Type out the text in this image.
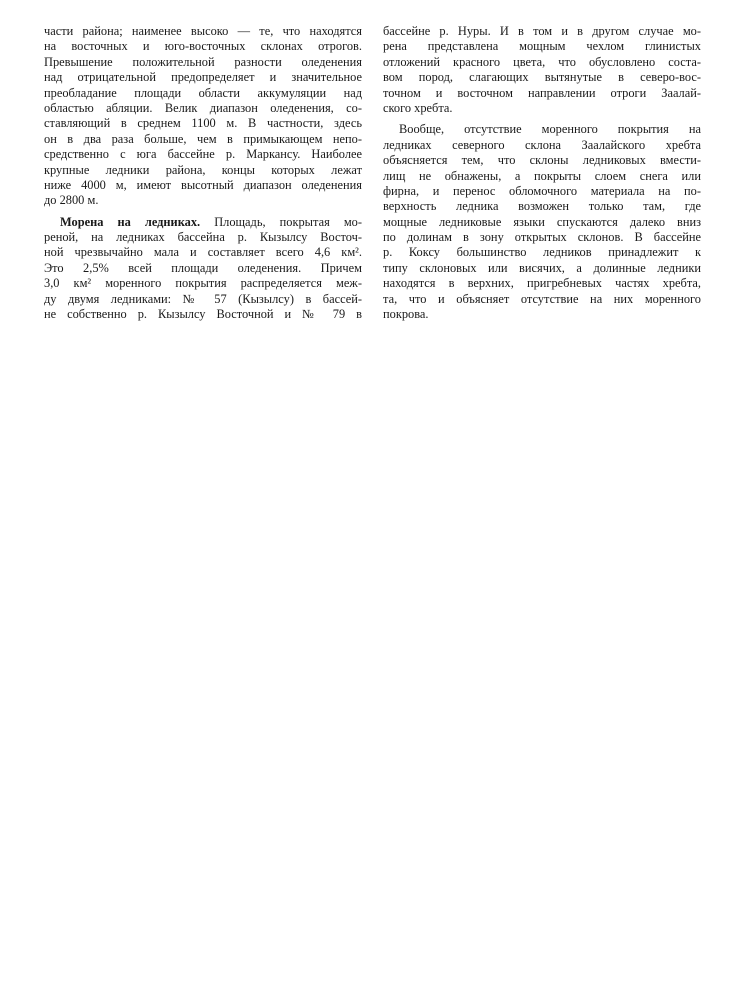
части района; наименее высоко — те, что находятся
на восточных и юго-восточных склонах отрогов.
Превышение положительной разности оледенения
над отрицательной предопределяет и значительное
преобладание площади области аккумуляции над
областью абляции. Велик диапазон оледенения, со-
ставляющий в среднем 1100 м. В частности, здесь
он в два раза больше, чем в примыкающем непо-
средственно с юга бассейне р. Маркансу. Наиболее
крупные ледники района, концы которых лежат
ниже 4000 м, имеют высотный диапазон оледенения
до 2800 м.
Морена на ледниках. Площадь, покрытая мо-
реной, на ледниках бассейна р. Кызылсу Восточ-
ной чрезвычайно мала и составляет всего 4,6 км².
Это 2,5% всей площади оледенения. Причем
3,0 км² моренного покрытия распределяется меж-
ду двумя ледниками: № 57 (Кызылсу) в бассей-
не собственно р. Кызылсу Восточной и № 79 в
бассейне р. Нуры. И в том и в другом случае мо-
рена представлена мощным чехлом глинистых
отложений красного цвета, что обусловлено соста-
вом пород, слагающих вытянутые в северо-вос-
точном и восточном направлении отроги Заалай-
ского хребта.
Вообще, отсутствие моренного покрытия на
ледниках северного склона Заалайского хребта
объясняется тем, что склоны ледниковых вмести-
лищ не обнажены, а покрыты слоем снега или
фирна, и перенос обломочного материала на по-
верхность ледника возможен только там, где
мощные ледниковые языки спускаются далеко вниз
по долинам в зону открытых склонов. В бассейне
р. Коксу большинство ледников принадлежит к
типу склоновых или висячих, а долинные ледники
находятся в верхних, пригребневых частях хребта,
та, что и объясняет отсутствие на них моренного
покрова.
